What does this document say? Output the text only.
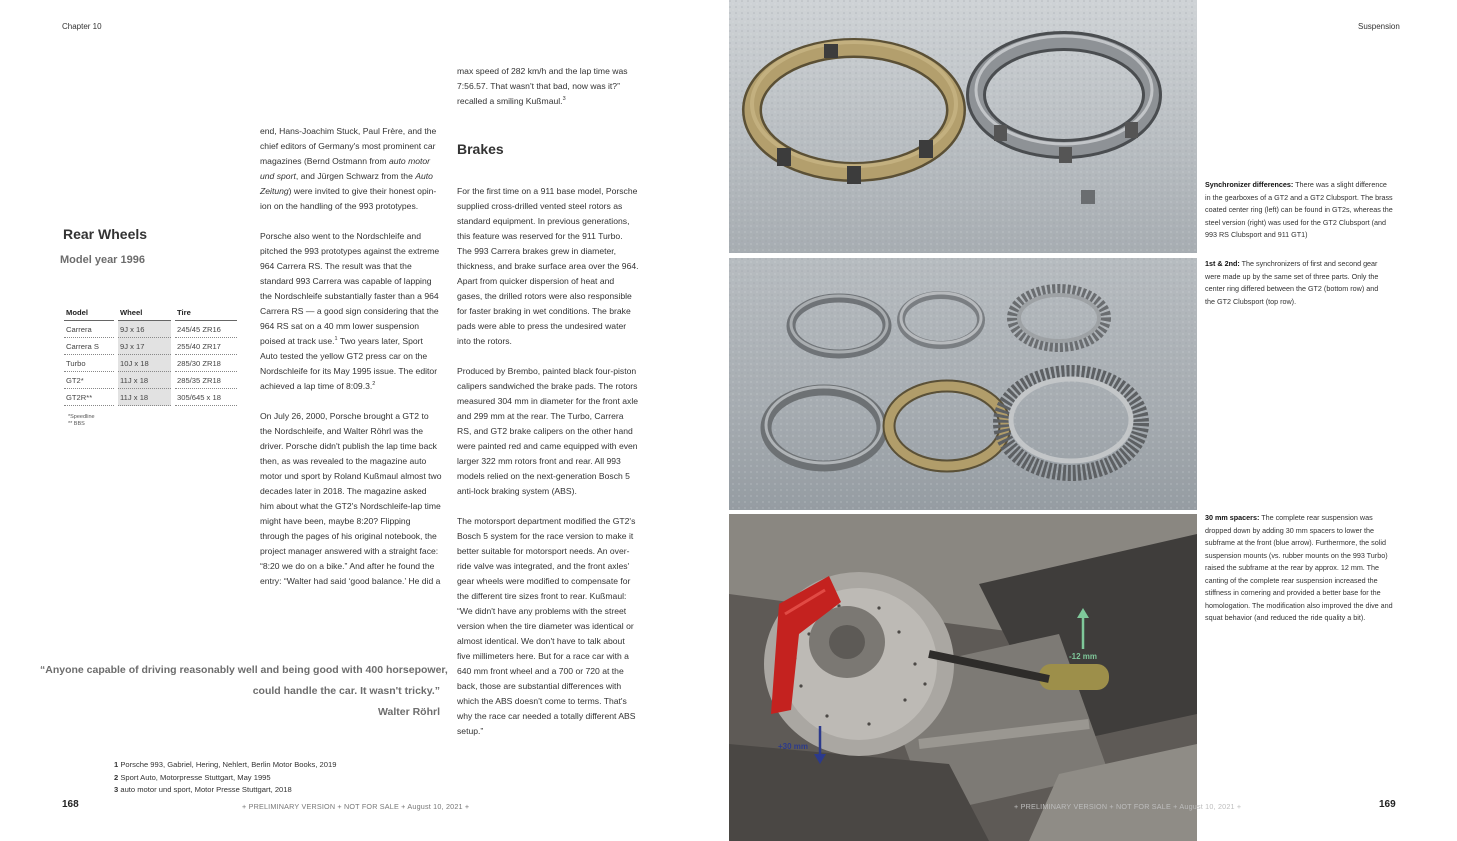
Chapter 10
Rear Wheels
Model year 1996
Model		Wheel		Tire
Carrera		9J x 16		245/45 ZR16
Carrera S		9J x 17		255/40 ZR17
Turbo		10J x 18		285/30 ZR18
GT2*		11J x 18		285/35 ZR18
GT2R**		11J x 18		305/645 x 18
*Speedline
** BBS

end, Hans-Joachim Stuck, Paul Frère, and the chief editors of Germany's most prominent car magazines (Bernd Ostmann from auto motor und sport, and Jürgen Schwarz from the Auto Zeitung) were invited to give their honest opinion on the handling of the 993 prototypes.

Porsche also went to the Nordschleife and pitched the 993 prototypes against the extreme 964 Carrera RS. The result was that the standard 993 Carrera was capable of lapping the Nordschleife substantially faster than a 964 Carrera RS — a good sign considering that the 964 RS sat on a 40 mm lower suspension poised at track use.$^1$ Two years later, Sport Auto tested the yellow GT2 press car on the Nordschleife for its May 1995 issue. The editor achieved a lap time of 8:09.3.$^2$

On July 26, 2000, Porsche brought a GT2 to the Nordschleife, and Walter Röhrl was the driver. Porsche didn't publish the lap time back then, as was revealed to the magazine auto motor und sport by Roland Kußmaul almost two decades later in 2018. The magazine asked him about what the GT2's Nordschleife-lap time might have been, maybe 8:20? Flipping through the pages of his original notebook, the project manager answered with a straight face: “8:20 we do on a bike.” And after he found the entry: “Walter had said ‘good balance.’ He did a

max speed of 282 km/h and the lap time was 7:56.57. That wasn't that bad, now was it?” recalled a smiling Kußmaul.$^3$

Brakes

For the first time on a 911 base model, Porsche supplied cross-drilled vented steel rotors as standard equipment. In previous generations, this feature was reserved for the 911 Turbo. The 993 Carrera brakes grew in diameter, thickness, and brake surface area over the 964. Apart from quicker dispersion of heat and gases, the drilled rotors were also responsible for faster braking in wet conditions. The brake pads were able to press the undesired water into the rotors.

Produced by Brembo, painted black four-piston calipers sandwiched the brake pads. The rotors measured 304 mm in diameter for the front axle and 299 mm at the rear. The Turbo, Carrera RS, and GT2 brake calipers on the other hand were painted red and came equipped with even larger 322 mm rotors front and rear. All 993 models relied on the next-generation Bosch 5 anti-lock braking system (ABS).

The motorsport department modified the GT2's Bosch 5 system for the race version to make it better suitable for motorsport needs. An override valve was integrated, and the front axles' gear wheels were modified to compensate for the different tire sizes front to rear. Kußmaul: “We didn't have any problems with the street version when the tire diameter was identical or almost identical. We don't have to talk about five millimeters here. But for a race car with a 640 mm front wheel and a 700 or 720 at the back, those are substantial differences with which the ABS doesn't come to terms. That's why the race car needed a totally different ABS setup.”

“Anyone capable of driving reasonably well and being good with 400 horsepower,
could handle the car. It wasn't tricky.”
Walter Röhrl
1 Porsche 993, Gabriel, Hering, Nehlert, Berlin Motor Books, 2019
2 Sport Auto, Motorpresse Stuttgart, May 1995
3 auto motor und sport, Motor Presse Stuttgart, 2018
168	+ PRELIMINARY VERSION + NOT FOR SALE + August 10, 2021 +
-12 mm
+30 mm
Suspension
Synchronizer differences: There was a slight difference in the gearboxes of a GT2 and a GT2 Clubsport. The brass coated center ring (left) can be found in GT2s, whereas the steel version (right) was used for the GT2 Clubsport (and 993 RS Clubsport and 911 GT1)
1st & 2nd: The synchronizers of first and second gear were made up by the same set of three parts. Only the center ring differed between the GT2 (bottom row) and the GT2 Clubsport (top row).
30 mm spacers: The complete rear suspension was dropped down by adding 30 mm spacers to lower the subframe at the front (blue arrow). Furthermore, the solid suspension mounts (vs. rubber mounts on the 993 Turbo) raised the subframe at the rear by approx. 12 mm. The canting of the complete rear suspension increased the stiffness in cornering and provided a better base for the homologation. The modification also improved the dive and squat behavior (and reduced the ride quality a bit).
+ PRELIMINARY VERSION + NOT FOR SALE + August 10, 2021 +	169
